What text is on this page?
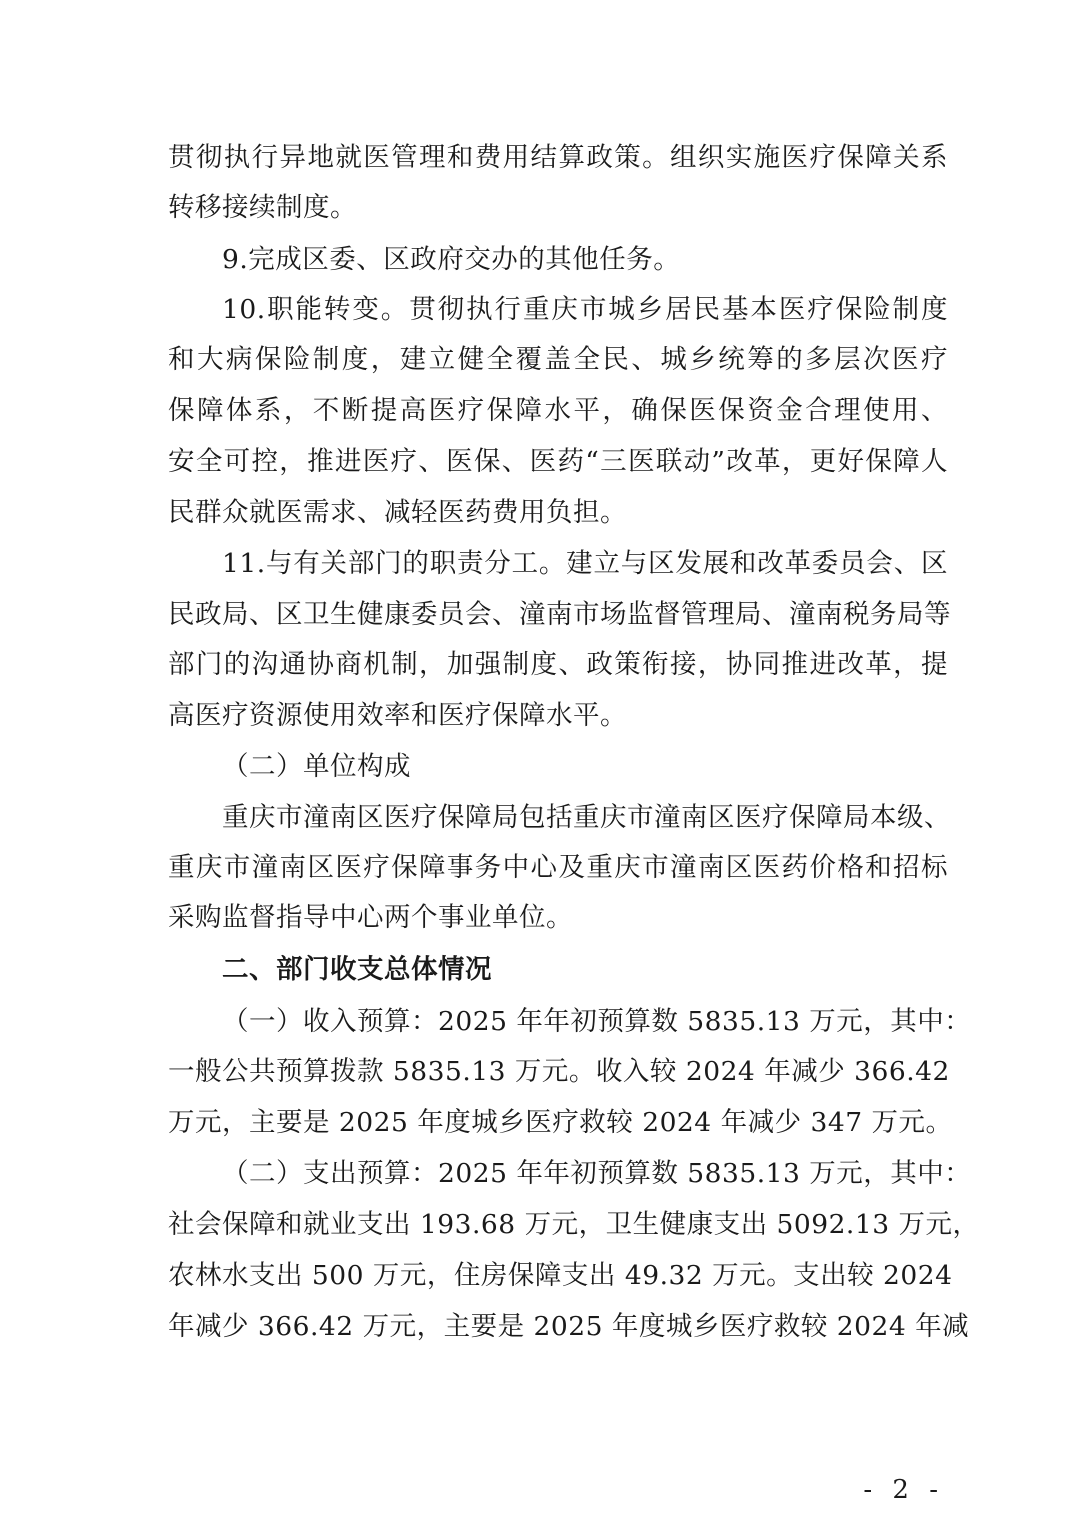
贯彻执行异地就医管理和费用结算政策。组织实施医疗保障关系
转移接续制度。
9.完成区委、区政府交办的其他任务。
10.职能转变。贯彻执行重庆市城乡居民基本医疗保险制度
和大病保险制度，建立健全覆盖全民、城乡统筹的多层次医疗
保障体系，不断提高医疗保障水平，确保医保资金合理使用、
安全可控，推进医疗、医保、医药“三医联动”改革，更好保障人
民群众就医需求、减轻医药费用负担。
11.与有关部门的职责分工。建立与区发展和改革委员会、区
民政局、区卫生健康委员会、潼南市场监督管理局、潼南税务局等
部门的沟通协商机制，加强制度、政策衔接，协同推进改革，提
高医疗资源使用效率和医疗保障水平。
（二）单位构成
重庆市潼南区医疗保障局包括重庆市潼南区医疗保障局本级、
重庆市潼南区医疗保障事务中心及重庆市潼南区医药价格和招标
采购监督指导中心两个事业单位。
二、部门收支总体情况
（一）收入预算：2025 年年初预算数 5835.13 万元，其中：
一般公共预算拨款 5835.13 万元。收入较 2024 年减少 366.42
万元，主要是 2025 年度城乡医疗救较 2024 年减少 347 万元。
（二）支出预算：2025 年年初预算数 5835.13 万元，其中：
社会保障和就业支出 193.68 万元，卫生健康支出 5092.13 万元，
农林水支出 500 万元，住房保障支出 49.32 万元。支出较 2024
年减少 366.42 万元，主要是 2025 年度城乡医疗救较 2024 年减
- 2 -
